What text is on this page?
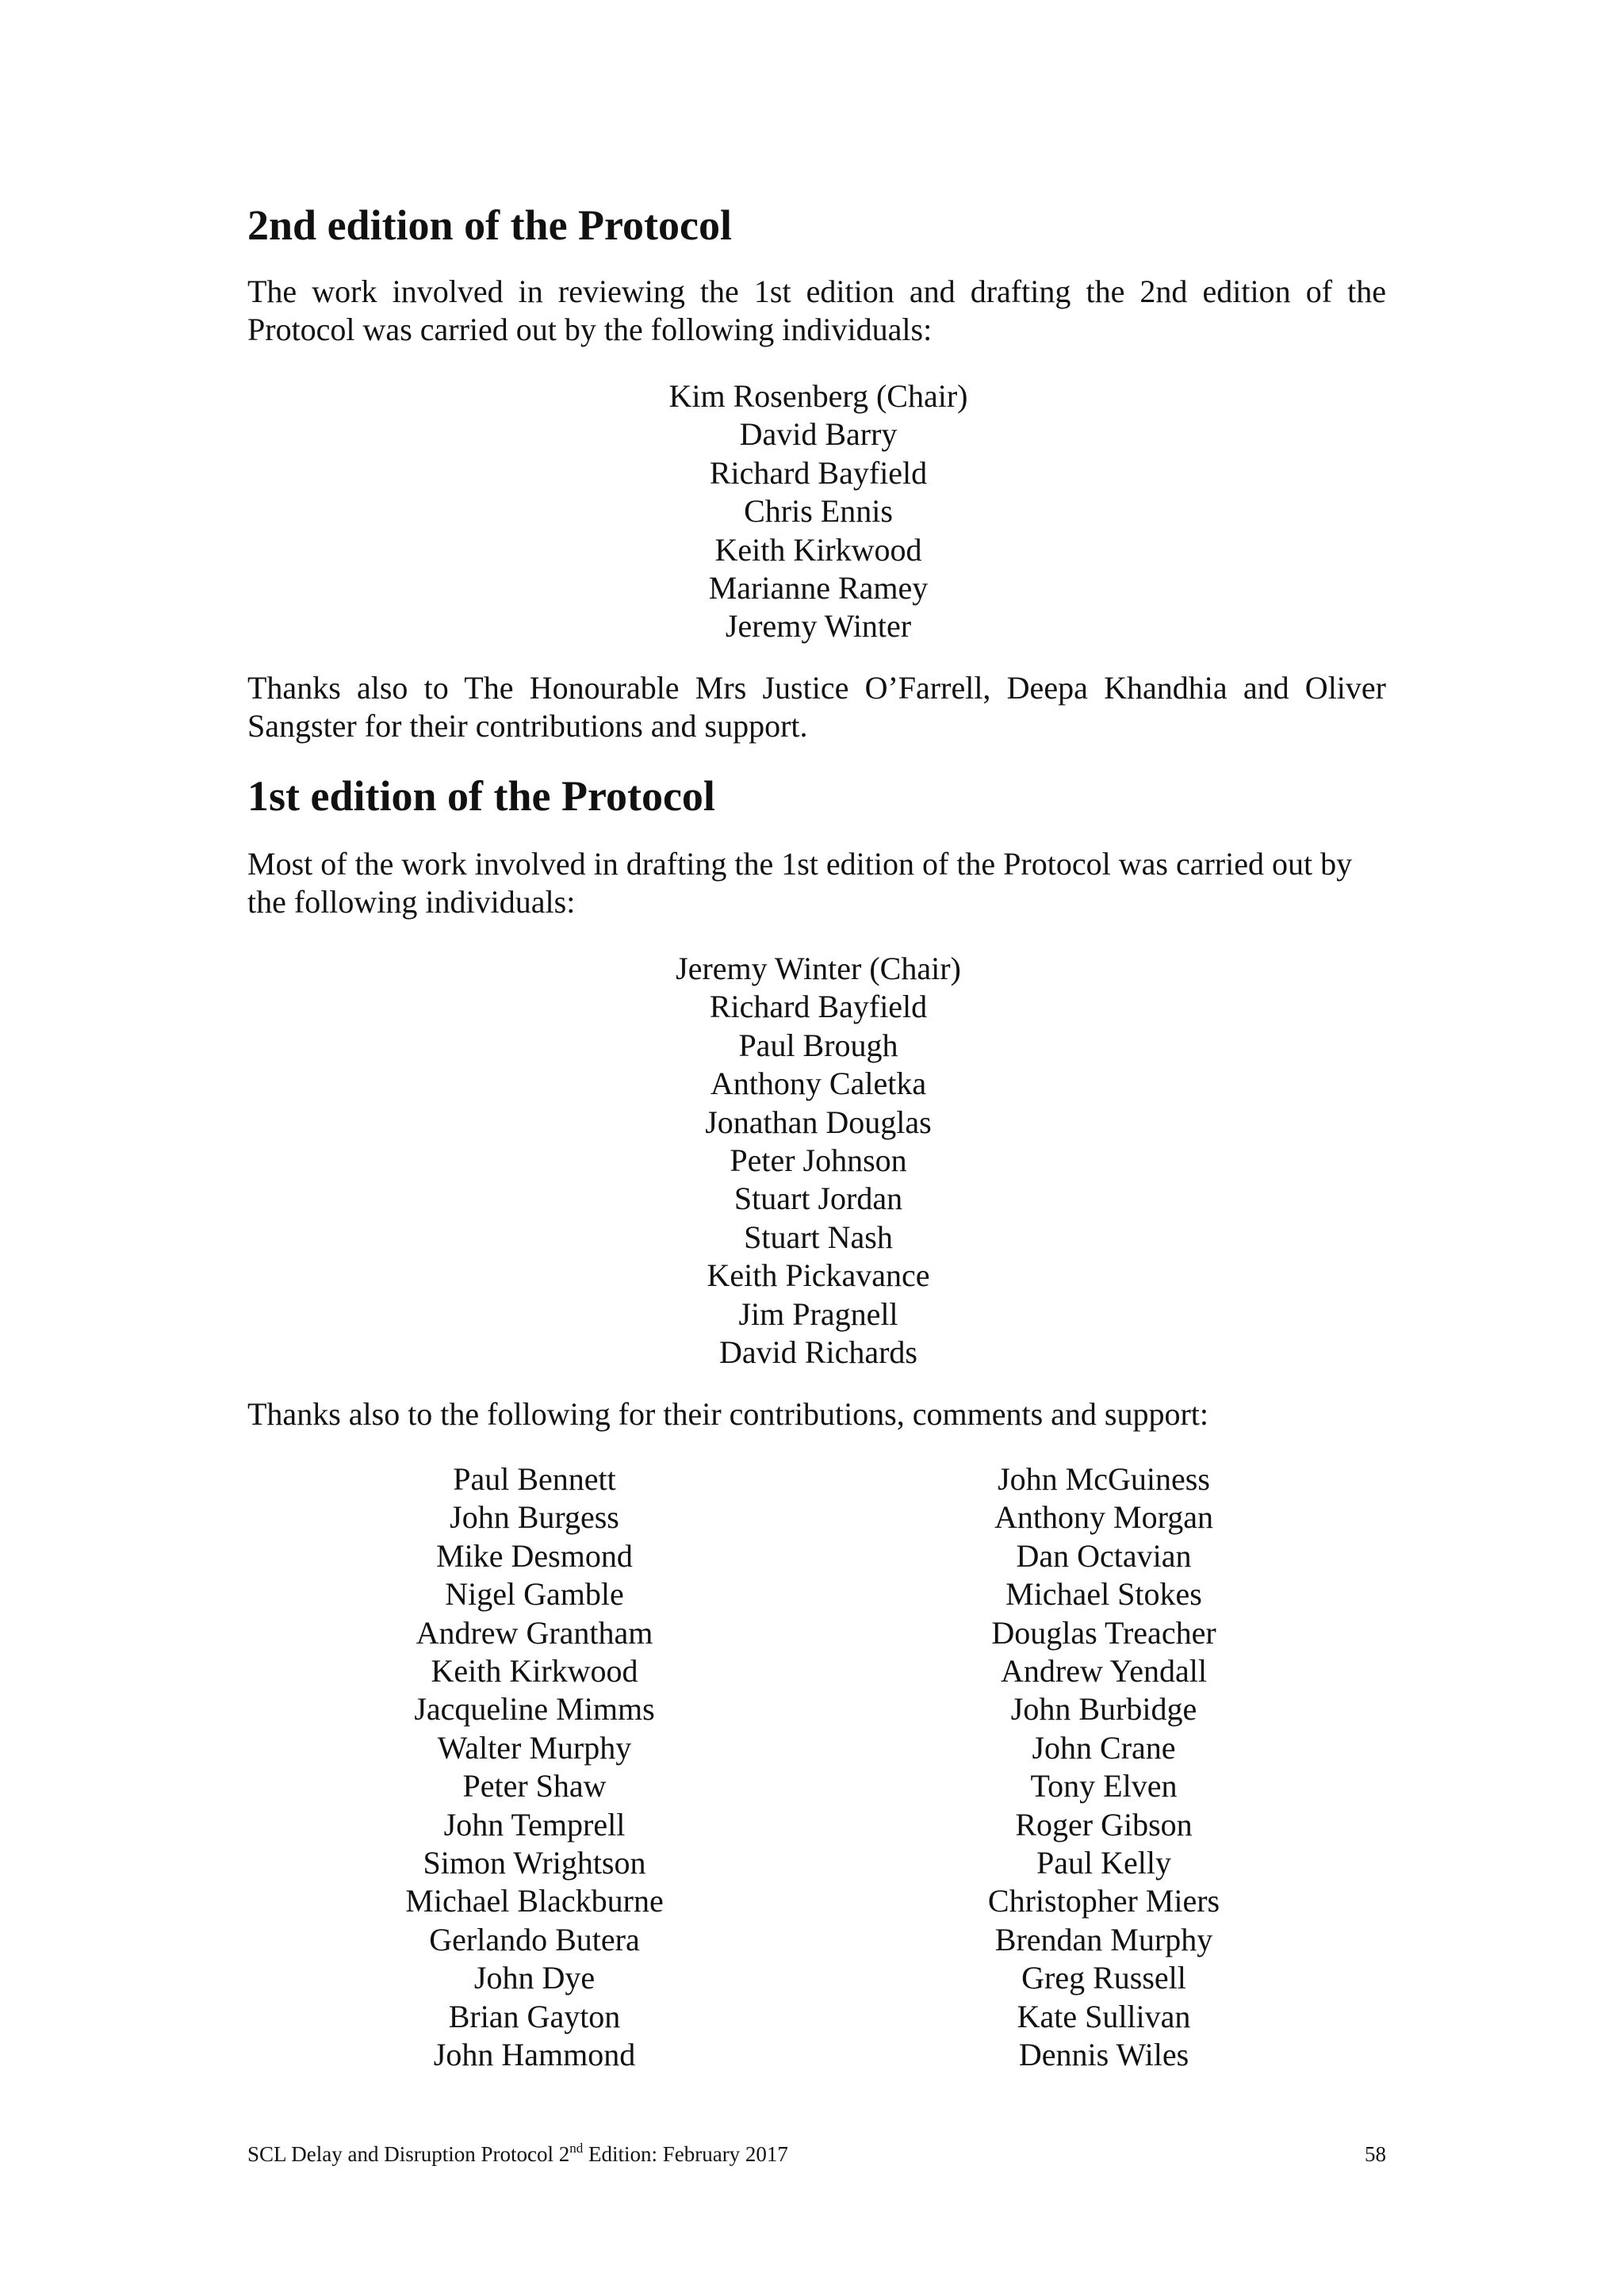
2nd edition of the Protocol

The work involved in reviewing the 1st edition and drafting the 2nd edition of the Protocol was carried out by the following individuals:

Kim Rosenberg (Chair)
David Barry
Richard Bayfield
Chris Ennis
Keith Kirkwood
Marianne Ramey
Jeremy Winter

Thanks also to The Honourable Mrs Justice O’Farrell, Deepa Khandhia and Oliver Sangster for their contributions and support.

1st edition of the Protocol

Most of the work involved in drafting the 1st edition of the Protocol was carried out by the following individuals:

Jeremy Winter (Chair)
Richard Bayfield
Paul Brough
Anthony Caletka
Jonathan Douglas
Peter Johnson
Stuart Jordan
Stuart Nash
Keith Pickavance
Jim Pragnell
David Richards

Thanks also to the following for their contributions, comments and support:

Paul Bennett
John Burgess
Mike Desmond
Nigel Gamble
Andrew Grantham
Keith Kirkwood
Jacqueline Mimms
Walter Murphy
Peter Shaw
John Temprell
Simon Wrightson
Michael Blackburne
Gerlando Butera
John Dye
Brian Gayton
John Hammond
John McGuiness
Anthony Morgan
Dan Octavian
Michael Stokes
Douglas Treacher
Andrew Yendall
John Burbidge
John Crane
Tony Elven
Roger Gibson
Paul Kelly
Christopher Miers
Brendan Murphy
Greg Russell
Kate Sullivan
Dennis Wiles
SCL Delay and Disruption Protocol 2nd Edition: February 2017	58
